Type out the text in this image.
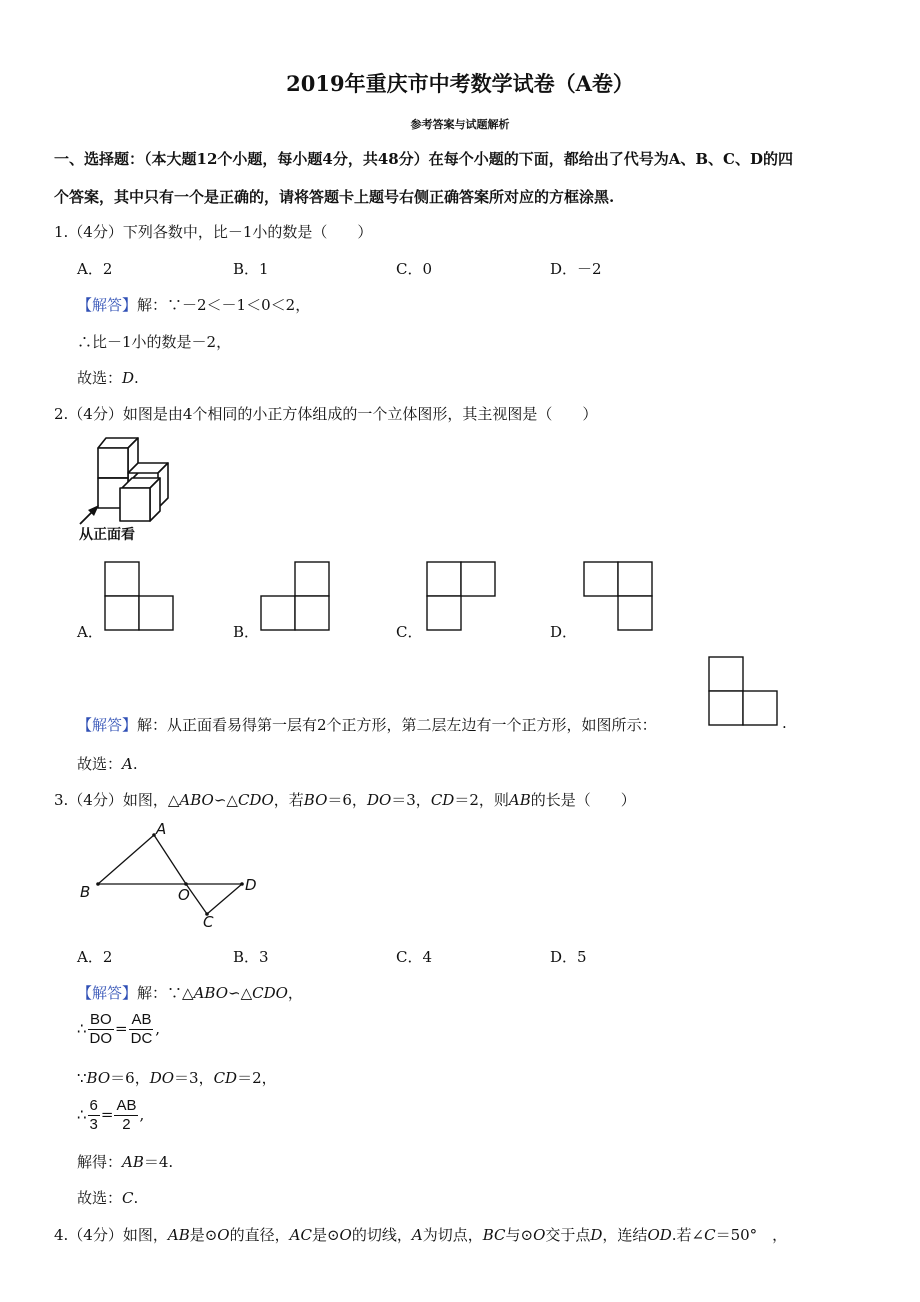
2019年重庆市中考数学试卷（A卷）
参考答案与试题解析
一、选择题：（本大题12个小题，每小题4分，共48分）在每个小题的下面，都给出了代号为A、B、C、D的四
个答案，其中只有一个是正确的，请将答题卡上题号右侧正确答案所对应的方框涂黑.
1.（4分）下列各数中，比－1小的数是（　　）
A．2	B．1	C．0	D．－2
【解答】解：∵－2＜－1＜0＜2，
∴比－1小的数是－2，
故选：D.
2.（4分）如图是由4个相同的小正方体组成的一个立体图形，其主视图是（　　）
从正面看
A．	B．	C．	D．
【解答】解：从正面看易得第一层有2个正方形，第二层左边有一个正方形，如图所示：	.
故选：A.
3.（4分）如图，△ABO∽△CDO，若BO＝6，DO＝3，CD＝2，则AB的长是（　　）
A
B	O
C
D
A．2	B．3	C．4	D．5
【解答】解：∵△ABO∽△CDO，
∴ $\frac{BO}{DO} = \frac{AB}{DC}$ ,
∵BO＝6，DO＝3，CD＝2，
∴ $\frac{6}{3} = \frac{AB}{2}$ ,
解得：AB＝4.
故选：C.
4.（4分）如图，AB是⊙O的直径，AC是⊙O的切线，A为切点，BC与⊙O交于点D，连结OD.若∠C＝50°　，
